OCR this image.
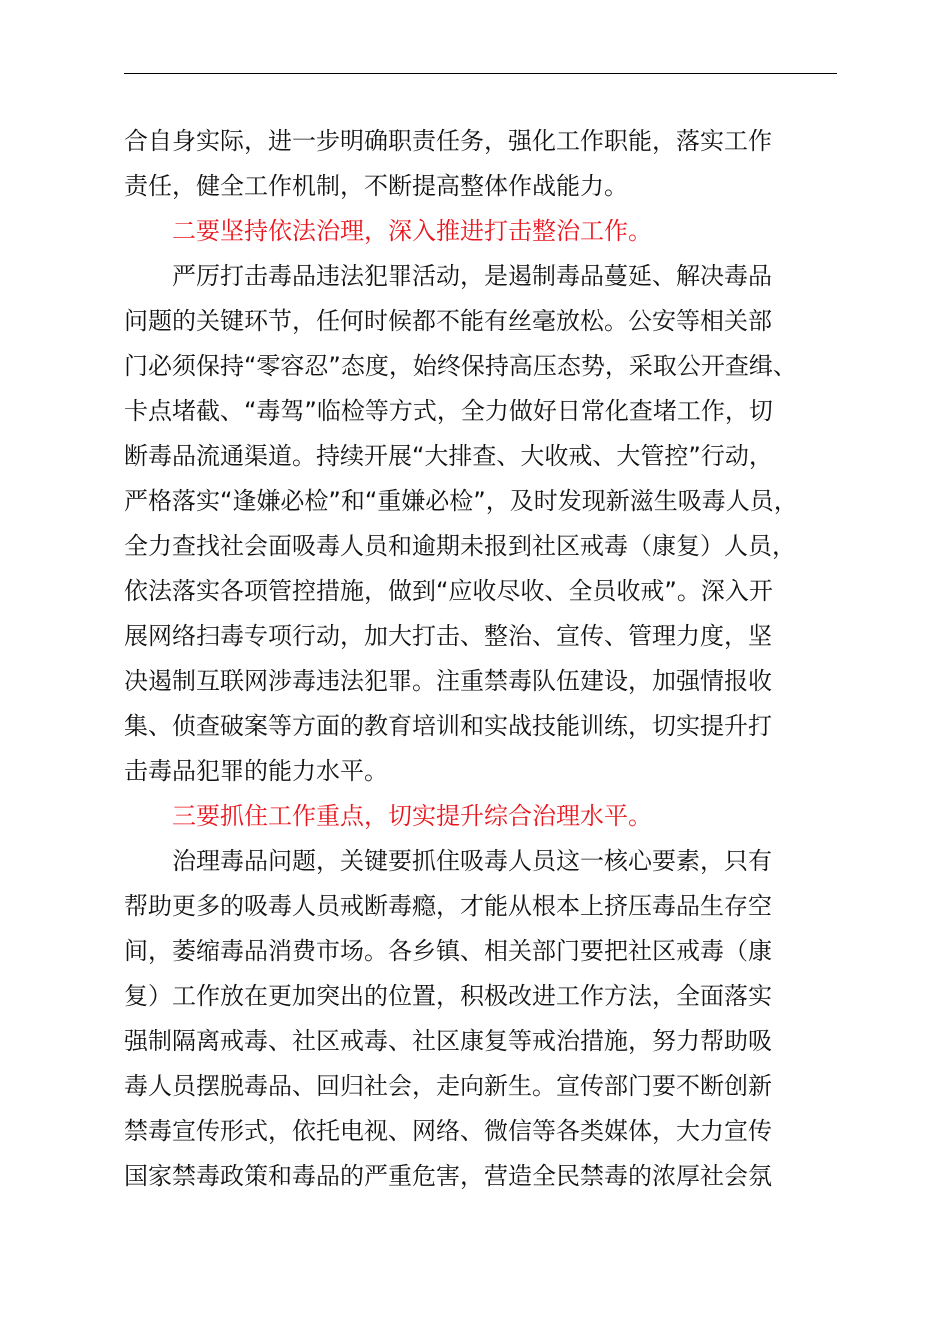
合自身实际，进一步明确职责任务，强化工作职能，落实工作
责任，健全工作机制，不断提高整体作战能力。

二要坚持依法治理，深入推进打击整治工作。

严厉打击毒品违法犯罪活动，是遏制毒品蔓延、解决毒品
问题的关键环节，任何时候都不能有丝毫放松。公安等相关部
门必须保持“零容忍”态度，始终保持高压态势，采取公开查缉、
卡点堵截、“毒驾”临检等方式，全力做好日常化查堵工作，切
断毒品流通渠道。持续开展“大排查、大收戒、大管控”行动，
严格落实“逢嫌必检”和“重嫌必检”，及时发现新滋生吸毒人员，
全力查找社会面吸毒人员和逾期未报到社区戒毒（康复）人员，
依法落实各项管控措施，做到“应收尽收、全员收戒”。深入开
展网络扫毒专项行动，加大打击、整治、宣传、管理力度，坚
决遏制互联网涉毒违法犯罪。注重禁毒队伍建设，加强情报收
集、侦查破案等方面的教育培训和实战技能训练，切实提升打
击毒品犯罪的能力水平。

三要抓住工作重点，切实提升综合治理水平。

治理毒品问题，关键要抓住吸毒人员这一核心要素，只有
帮助更多的吸毒人员戒断毒瘾，才能从根本上挤压毒品生存空
间，萎缩毒品消费市场。各乡镇、相关部门要把社区戒毒（康
复）工作放在更加突出的位置，积极改进工作方法，全面落实
强制隔离戒毒、社区戒毒、社区康复等戒治措施，努力帮助吸
毒人员摆脱毒品、回归社会，走向新生。宣传部门要不断创新
禁毒宣传形式，依托电视、网络、微信等各类媒体，大力宣传
国家禁毒政策和毒品的严重危害，营造全民禁毒的浓厚社会氛
